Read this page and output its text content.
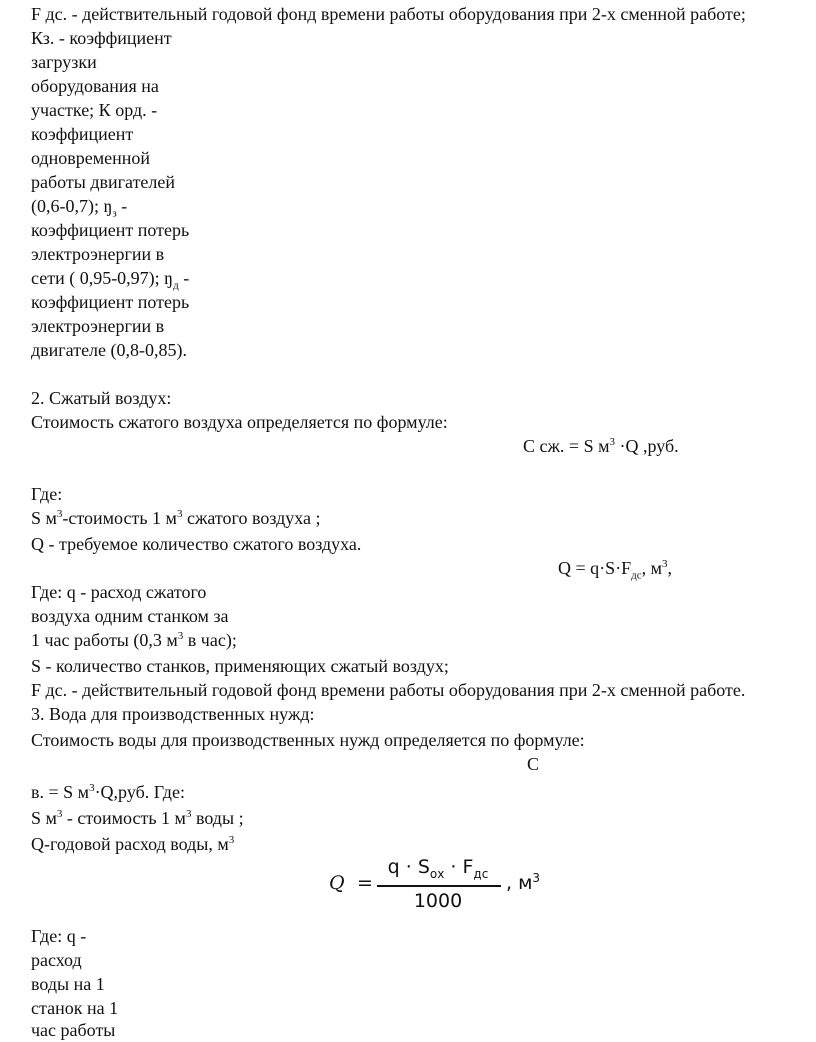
F дс. - действительный годовой фонд времени работы оборудования при 2-х сменной работе;
Кз. - коэффициент
загрузки
оборудования на
участке; К орд. -
коэффициент
одновременной
работы двигателей
(0,6-0,7); $ŋ_з$ -
коэффициент потерь
электроэнергии в
сети ( 0,95-0,97); $ŋ_д$ -
коэффициент потерь
электроэнергии в
двигателе (0,8-0,85).
2. Сжатый воздух:
Стоимость сжатого воздуха определяется по формуле:
С сж. = S $м^3 \cdot Q$ ,руб.
Где:
S $м^3$-стоимость 1 $м^3$ сжатого воздуха ;
Q - требуемое количество сжатого воздуха.
$Q = q\cdot S\cdot F_{дс}$, $м^3$,
Где: q - расход сжатого
воздуха одним станком за
1 час работы (0,3 $м^3$ в час);
S - количество станков, применяющих сжатый воздух;
F дс. - действительный годовой фонд времени работы оборудования при 2-х сменной работе.
3. Вода для производственных нужд:
Стоимость воды для производственных нужд определяется по формуле:
С
в. = S $м^3\cdot Q,руб$. Где:
S $м^3$ - стоимость 1 $м^3$ воды ;
Q-годовой расход воды, $м^3$
Q =
$q \cdot S_{ох} \cdot F_{дс}$
1000
, $м^3$
Где: q -
расход
воды на 1
станок на 1
час работы
